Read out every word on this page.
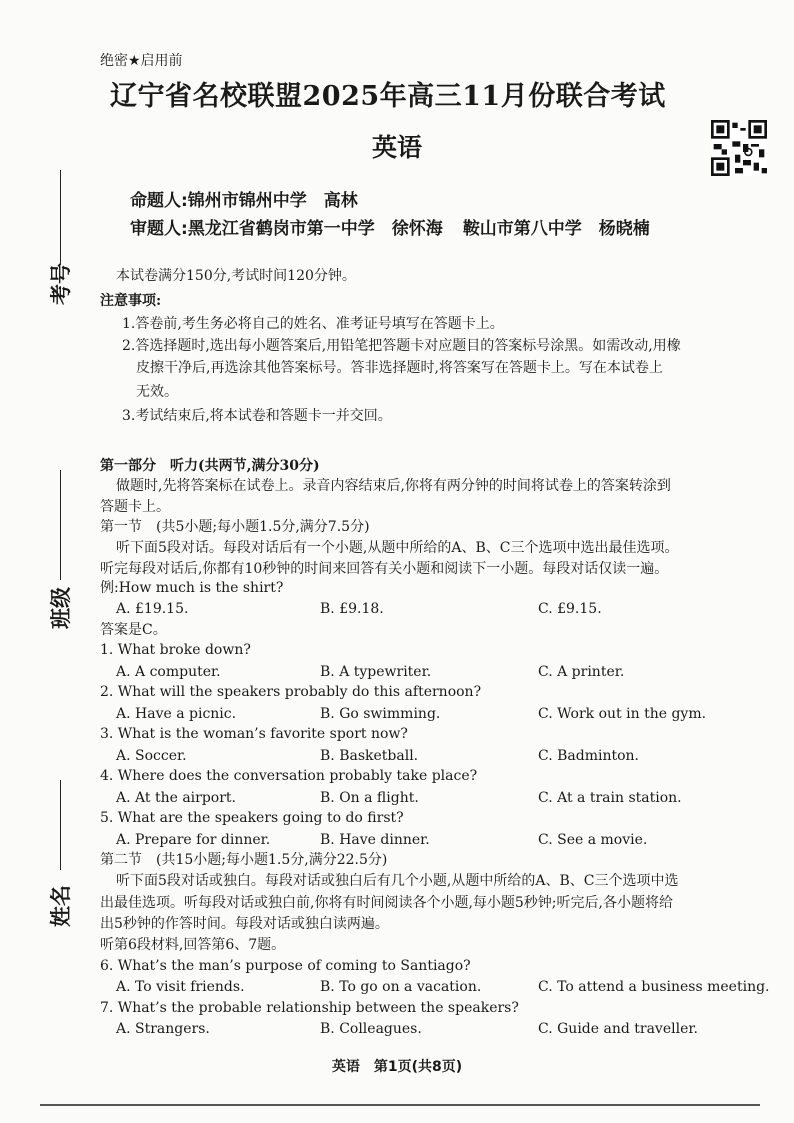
绝密★启用前
辽宁省名校联盟2025年高三11月份联合考试
英语
命题人:锦州市锦州中学　高林
审题人:黑龙江省鹤岗市第一中学　徐怀海 鞍山市第八中学　杨晓楠
考号
班级
姓名
本试卷满分150分,考试时间120分钟。
注意事项:
1.答卷前,考生务必将自己的姓名、准考证号填写在答题卡上。
2.答选择题时,选出每小题答案后,用铅笔把答题卡对应题目的答案标号涂黑。如需改动,用橡
皮擦干净后,再选涂其他答案标号。答非选择题时,将答案写在答题卡上。写在本试卷上
无效。
3.考试结束后,将本试卷和答题卡一并交回。
第一部分　听力(共两节,满分30分)
做题时,先将答案标在试卷上。录音内容结束后,你将有两分钟的时间将试卷上的答案转涂到
答题卡上。
第一节　(共5小题;每小题1.5分,满分7.5分)
听下面5段对话。每段对话后有一个小题,从题中所给的A、B、C三个选项中选出最佳选项。
听完每段对话后,你都有10秒钟的时间来回答有关小题和阅读下一小题。每段对话仅读一遍。
例:How much is the shirt?
A. £19.15.	B. £9.18.	C. £9.15.
答案是C。
1. What broke down?
A. A computer.	B. A typewriter.	C. A printer.
2. What will the speakers probably do this afternoon?
A. Have a picnic.	B. Go swimming.	C. Work out in the gym.
3. What is the woman’s favorite sport now?
A. Soccer.	B. Basketball.	C. Badminton.
4. Where does the conversation probably take place?
A. At the airport.	B. On a flight.	C. At a train station.
5. What are the speakers going to do first?
A. Prepare for dinner.	B. Have dinner.	C. See a movie.
第二节　(共15小题;每小题1.5分,满分22.5分)
听下面5段对话或独白。每段对话或独白后有几个小题,从题中所给的A、B、C三个选项中选
出最佳选项。听每段对话或独白前,你将有时间阅读各个小题,每小题5秒钟;听完后,各小题将给
出5秒钟的作答时间。每段对话或独白读两遍。
听第6段材料,回答第6、7题。
6. What’s the man’s purpose of coming to Santiago?
A. To visit friends.	B. To go on a vacation.	C. To attend a business meeting.
7. What’s the probable relationship between the speakers?
A. Strangers.	B. Colleagues.	C. Guide and traveller.
英语　第1页(共8页)
